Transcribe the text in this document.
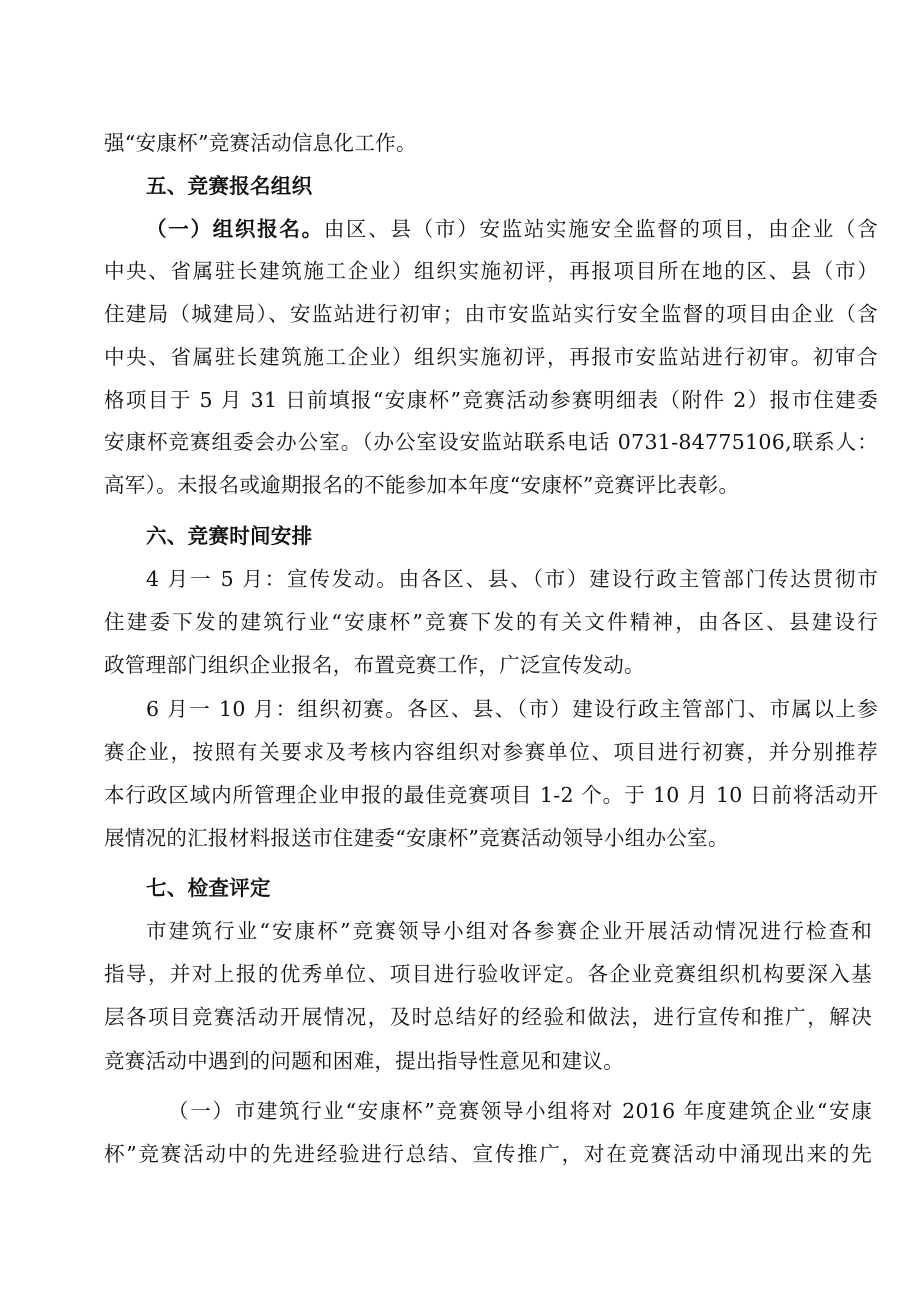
强“安康杯”竞赛活动信息化工作。
五、竞赛报名组织
（一）组织报名。由区、县（市）安监站实施安全监督的项目，由企业（含
中央、省属驻长建筑施工企业）组织实施初评，再报项目所在地的区、县（市）
住建局（城建局）、安监站进行初审；由市安监站实行安全监督的项目由企业（含
中央、省属驻长建筑施工企业）组织实施初评，再报市安监站进行初审。初审合
格项目于 5 月 31 日前填报“安康杯”竞赛活动参赛明细表（附件 2）报市住建委
安康杯竞赛组委会办公室。（办公室设安监站联系电话 0731-84775106,联系人：
高军）。未报名或逾期报名的不能参加本年度“安康杯”竞赛评比表彰。
六、竞赛时间安排
4 月一 5 月：宣传发动。由各区、县、（市）建设行政主管部门传达贯彻市
住建委下发的建筑行业“安康杯”竞赛下发的有关文件精神，由各区、县建设行
政管理部门组织企业报名，布置竞赛工作，广泛宣传发动。
6 月一 10 月：组织初赛。各区、县、（市）建设行政主管部门、市属以上参
赛企业，按照有关要求及考核内容组织对参赛单位、项目进行初赛，并分别推荐
本行政区域内所管理企业申报的最佳竞赛项目 1-2 个。于 10 月 10 日前将活动开
展情况的汇报材料报送市住建委“安康杯”竞赛活动领导小组办公室。
七、检查评定
市建筑行业“安康杯”竞赛领导小组对各参赛企业开展活动情况进行检查和
指导，并对上报的优秀单位、项目进行验收评定。各企业竞赛组织机构要深入基
层各项目竞赛活动开展情况，及时总结好的经验和做法，进行宣传和推广，解决
竞赛活动中遇到的问题和困难，提出指导性意见和建议。
（一）市建筑行业“安康杯”竞赛领导小组将对 2016 年度建筑企业“安康
杯”竞赛活动中的先进经验进行总结、宣传推广，对在竞赛活动中涌现出来的先
